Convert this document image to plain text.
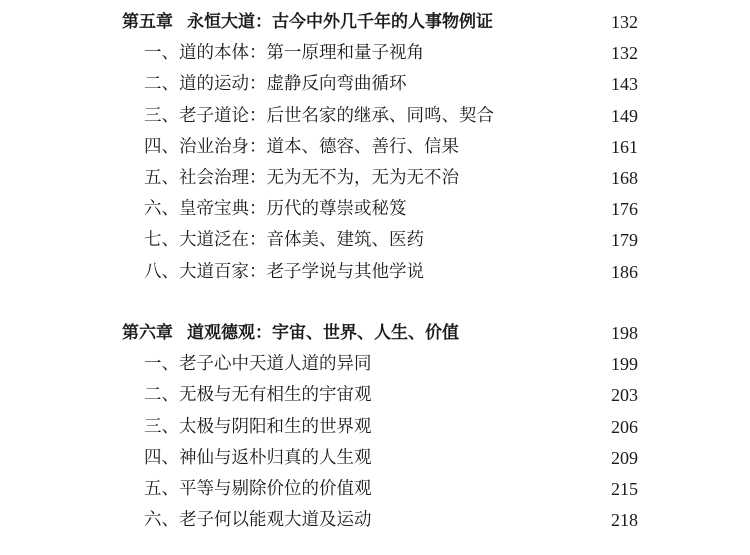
第五章 永恒大道：古今中外几千年的人事物例证	132
一、道的本体：第一原理和量子视角	132
二、道的运动：虚静反向弯曲循环	143
三、老子道论：后世名家的继承、同鸣、契合	149
四、治业治身：道本、德容、善行、信果	161
五、社会治理：无为无不为，无为无不治	168
六、皇帝宝典：历代的尊崇或秘笈	176
七、大道泛在：音体美、建筑、医药	179
八、大道百家：老子学说与其他学说	186
第六章 道观德观：宇宙、世界、人生、价值	198
一、老子心中天道人道的异同	199
二、无极与无有相生的宇宙观	203
三、太极与阴阳和生的世界观	206
四、神仙与返朴归真的人生观	209
五、平等与剔除价位的价值观	215
六、老子何以能观大道及运动	218
